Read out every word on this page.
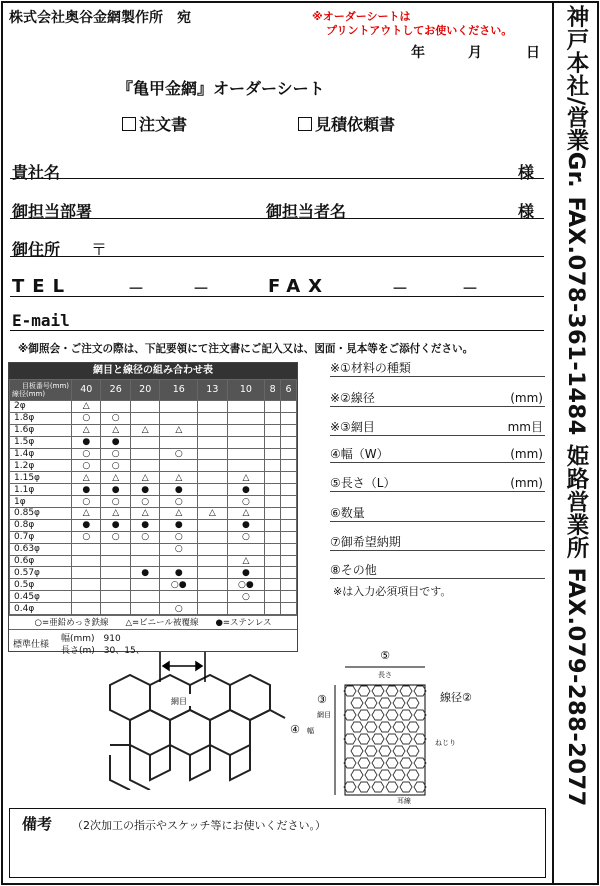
神戸本社/営業Gr. FAX.078-361-1484 姫路営業所 FAX.079-288-2077
株式会社奥谷金網製作所　宛	※オーダーシートは
プリントアウトしてお使いください。
年	月	日
『亀甲金網』オーダーシート
注文書	見積依頼書
貴社名	様
御担当部署	御担当者名	様
御住所 〒
TEL	－	－	FAX	－	－
E-mail
※御照会・ご注文の際は、下記要領にて注文書にご記入又は、図面・見本等をご添付ください。
網目と線径の組み合わせ表
目板番号(mm)
線径(mm)	40	26	20	16	13	10	8	6
2φ	△							
1.8φ	○	○						
1.6φ	△	△	△	△				
1.5φ	●	●						
1.4φ	○	○		○				
1.2φ	○	○						
1.15φ	△	△	△	△		△		
1.1φ	●	●	●	●		●		
1φ	○	○	○	○		○		
0.85φ	△	△	△	△	△	△		
0.8φ	●	●	●	●		●		
0.7φ	○	○	○	○		○		
0.63φ				○				
0.6φ						△		
0.57φ			●	●		●		
0.5φ				○●		○●		
0.45φ						○		
0.4φ				○				
○=亜鉛めっき鉄線　　△=ビニール被覆線　　●=ステンレス
標準仕様
幅(mm)　910
長さ(m)　30、15、
※①材料の種類
※②線径	(mm)
※③網目	mm目
④幅（W）	(mm)
⑤長さ（L）	(mm)
⑥数量
⑦御希望納期
⑧その他
※は入力必須項目です。
網目
⑤
長さ
線径②
③
網目
④ 幅
ねじり
耳線
備考 （2次加工の指示やスケッチ等にお使いください。）
